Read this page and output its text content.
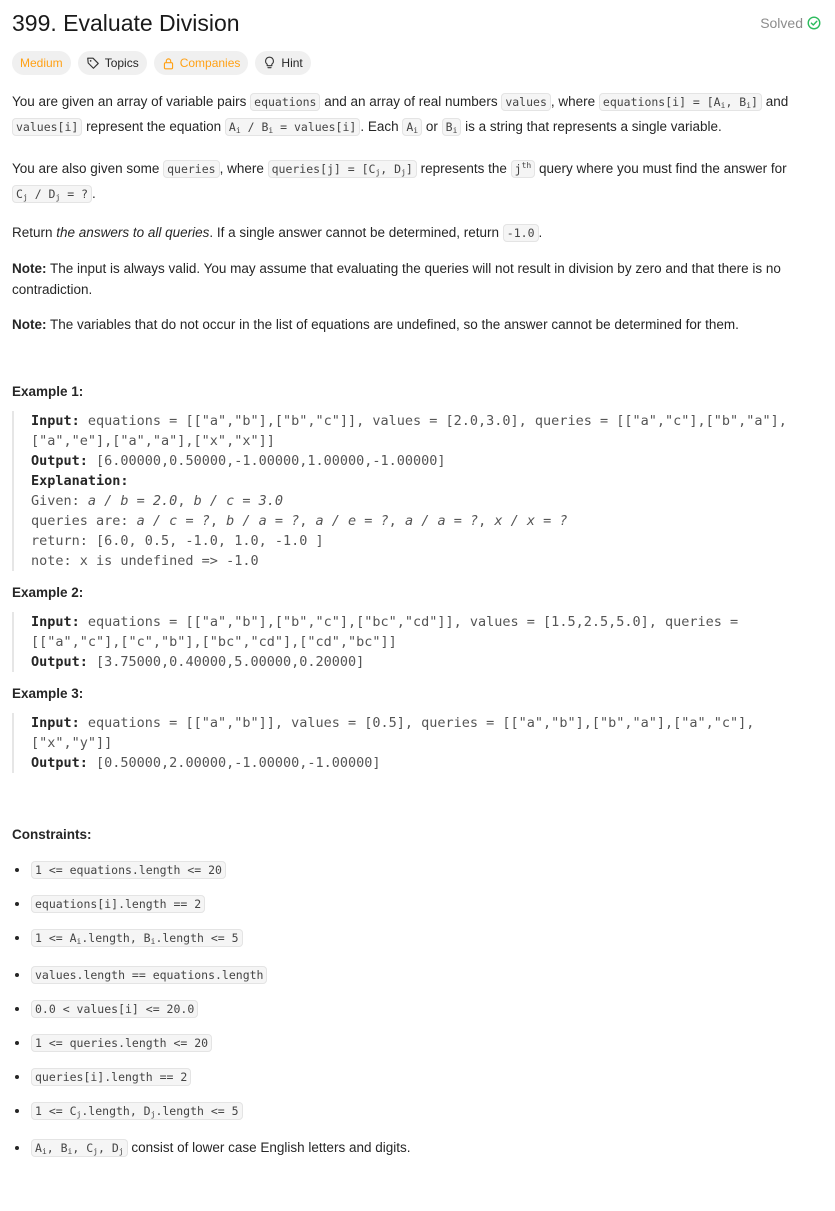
399. Evaluate Division	Solved
Medium	Topics	Companies	Hint

You are given an array of variable pairs equations and an array of real numbers values , where equations[i] = [$A_i$, $B_i$] and values[i] represent the equation $A_i / B_i$ = values[i] . Each $A_i$ or $B_i$ is a string that represents a single variable.

You are also given some queries , where queries[j] = [$C_j$, $D_j$] represents the $j^{th}$ query where you must find the answer for $C_j / D_j$ = ? .

Return the answers to all queries. If a single answer cannot be determined, return -1.0 .

Note: The input is always valid. You may assume that evaluating the queries will not result in division by zero and that there is no contradiction.

Note: The variables that do not occur in the list of equations are undefined, so the answer cannot be determined for them.

Example 1:
Input: equations = [["a","b"],["b","c"]], values = [2.0,3.0], queries = [["a","c"],["b","a"],["a","e"],["a","a"],["x","x"]]
Output: [6.00000,0.50000,-1.00000,1.00000,-1.00000]
Explanation:
Given: a / b = 2.0, b / c = 3.0
queries are: a / c = ?, b / a = ?, a / e = ?, a / a = ?, x / x = ?
return: [6.0, 0.5, -1.0, 1.0, -1.0 ]
note: x is undefined => -1.0
Example 2:
Input: equations = [["a","b"],["b","c"],["bc","cd"]], values = [1.5,2.5,5.0], queries = [["a","c"],["c","b"],["bc","cd"],["cd","bc"]]
Output: [3.75000,0.40000,5.00000,0.20000]
Example 3:
Input: equations = [["a","b"]], values = [0.5], queries = [["a","b"],["b","a"],["a","c"],["x","y"]]
Output: [0.50000,2.00000,-1.00000,-1.00000]
Constraints:
• 1 <= equations.length <= 20
• equations[i].length == 2
• $1 <= A_i.length$, $B_i.length <= 5$
• values.length == equations.length
• 0.0 < values[i] <= 20.0
• 1 <= queries.length <= 20
• queries[i].length == 2
• $1 <= C_j.length$, $D_j.length <= 5$
• $A_i$, $B_i$, $C_j$, $D_j$ consist of lower case English letters and digits.
